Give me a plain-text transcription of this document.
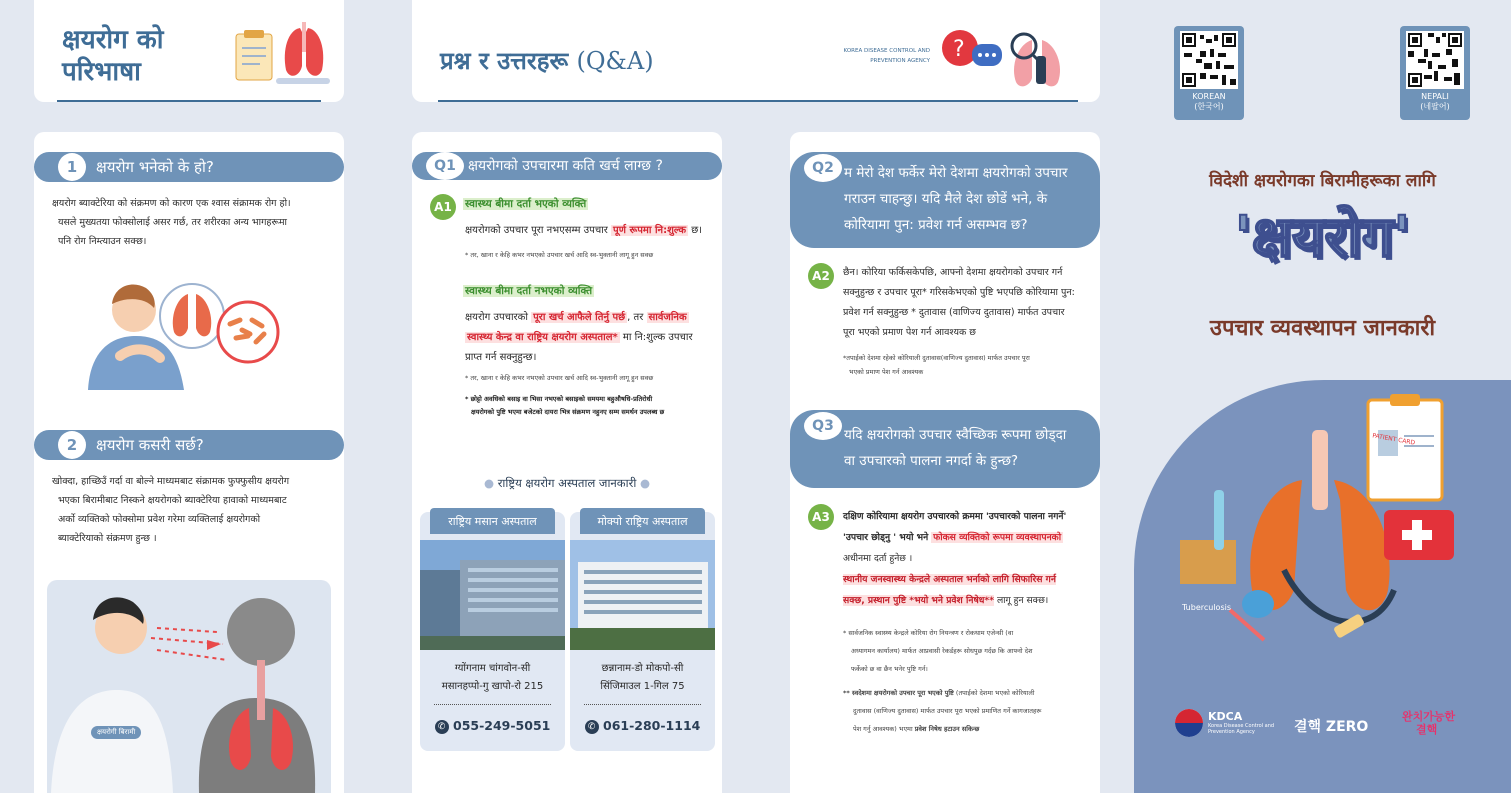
क्षयरोग को
परिभाषा
1	क्षयरोग भनेको के हो?
क्षयरोग ब्याक्टेरिया को संक्रमण को कारण एक श्वास संक्रामक रोग हो।
यसले मुख्यतया फोक्सोलाई असर गर्छ, तर शरीरका अन्य भागहरूमा
पनि रोग निम्त्याउन सक्छ।
2	क्षयरोग कसरी सर्छ?
खोक्दा, हाच्छिउँ गर्दा वा बोल्ने माध्यमबाट संक्रामक फुफ्फुसीय क्षयरोग
भएका बिरामीबाट निस्कने क्षयरोगको ब्याक्टेरिया हावाको माध्यमबाट
अर्को व्यक्तिको फोक्सोमा प्रवेश गरेमा व्यक्तिलाई क्षयरोगको
ब्याक्टेरियाको संक्रमण हुन्छ ।
क्षयरोगी बिरामी
प्रश्न र उत्तरहरू (Q&A)	KOREA DISEASE CONTROL AND
PREVENTION AGENCY ?
Q1 क्षयरोगको उपचारमा कति खर्च लाग्छ ?
A1	स्वास्थ्य बीमा दर्ता भएको व्यक्ति
क्षयरोगको उपचार पूरा नभएसम्म उपचार पूर्ण रूपमा नि:शुल्क छ।
* तर, खाना र केहि कभर नभएको उपचार खर्च आदि स्व-भुक्तानी लागू हुन सक्छ
स्वास्थ्य बीमा दर्ता नभएको व्यक्ति
क्षयरोग उपचारको पूरा खर्च आफैले तिर्नु पर्छ , तर सार्वजनिक
स्वास्थ्य केन्द्र वा राष्ट्रिय क्षयरोग अस्पताल* मा नि:शुल्क उपचार
प्राप्त गर्न सक्नुहुन्छ।
* तर, खाना र केहि कभर नभएको उपचार खर्च आदि स्व-भुक्तानी लागू हुन सक्छ
* छोट्टो अवधिको बसाइ वा भिसा नभएको बसाइको समयमा बहुऔषधि-प्रतिरोधी
क्षयरोगको पुष्टि भएमा बजेटको दायरा भित्र संक्रमण नहुनए सम्म समर्थन उपलब्ध छ
● राष्ट्रिय क्षयरोग अस्पताल जानकारी ●
राष्ट्रिय मसान अस्पताल
ग्योंगनाम चांगवोन-सी
मसानहप्पो-गु खापो-रो 215
✆ 055-249-5051
मोक्पो राष्ट्रिय अस्पताल
छन्नानाम-डो मोकपो-सी
सिंजिमाउल 1-गिल 75
✆ 061-280-1114
Q2 म मेरो देश फर्केर मेरो देशमा क्षयरोगको उपचार
गराउन चाहन्छु। यदि मैले देश छोडें भने, के
कोरियामा पुन: प्रवेश गर्न असम्भव छ?
A2	छैन। कोरिया फर्किसकेपछि, आफ्नो देशमा क्षयरोगको उपचार गर्न
सक्नुहुन्छ र उपचार पूरा* गरिसकेभएको पुष्टि भएपछि कोरियामा पुन:
प्रवेश गर्न सक्नुहुन्छ * दुतावास (वाणिज्य दुतावास) मार्फत उपचार
पूरा भएको प्रमाण पेश गर्न आवश्यक छ
*तपाईको देशमा रहेको कोरियाली दुतावास(वाणिज्य दुतावास) मार्फत उपचार पूरा
भएको प्रमाण पेश गर्न आवश्यक
Q3
यदि क्षयरोगको उपचार स्वैच्छिक रूपमा छोड्दा
वा उपचारको पालना नगर्दा के हुन्छ?
A3	दक्षिण कोरियामा क्षयरोग उपचारको क्रममा 'उपचारको पालना नगर्ने'
'उपचार छोड्नु ' भयो भने फोकस व्यक्तिको रूपमा व्यवस्थापनको
अधीनमा दर्ता हुनेछ ।
स्थानीय जनस्वास्थ्य केन्द्रले अस्पताल भर्नाको लागि सिफारिस गर्न
सक्छ, प्रस्थान पुष्टि *भयो भने प्रवेश निषेध** लागू हुन सक्छ।
* सार्वजनिक स्वास्थ्य केन्द्रले कोरिया रोग नियन्त्रण र रोकथाम एजेन्सी (वा
अध्यागमन कार्यालय) मार्फत आप्रवासी रेकर्डहरू सोधपुछ गर्दछ कि आफ्नो देश
फर्केको छ वा छैन भनेर पुष्टि गर्न।
** स्वदेशमा क्षयरोगको उपचार पूरा भएको पुष्टि (तपाईको देशमा भएको कोरियाली
दुतावास (वाणिज्य दुतावास) मार्फत उपचार पूरा भएको प्रमाणित गर्ने कागजातहरू
पेश गर्नु आवश्यक) भएमा प्रवेश निषेध हटाउन सकिन्छ
KOREAN
(한국어)
NEPALI
(네팔어)
विदेशी क्षयरोगका बिरामीहरूका लागि
'क्षयरोग'
उपचार व्यवस्थापन जानकारी
Tuberculosis
PATIENT CARD
KDCA
Korea Disease Control and
Prevention Agency	결핵 ZERO
완치가능한
결핵
